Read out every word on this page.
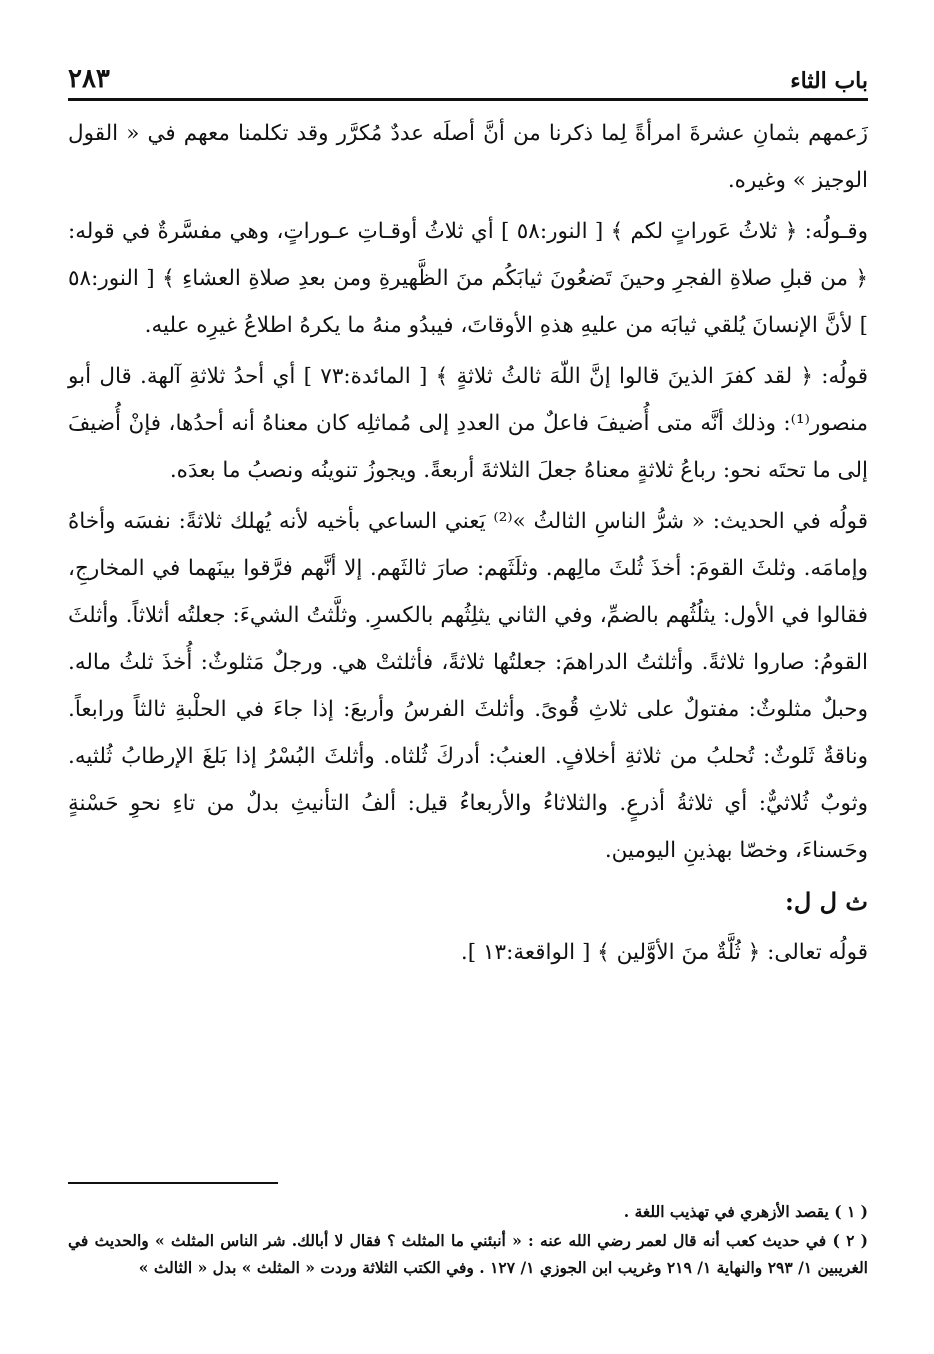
باب الثاء
٢٨٣

زَعمهم بثمانِ عشرةَ امرأةً لِما ذكرنا من أنَّ أصلَه عددٌ مُكرَّر وقد تكلمنا معهم في « القول الوجيز » وغيره.

وقـولُه: ﴿ ثلاثُ عَوراتٍ لكم ﴾ [ النور:٥٨ ] أي ثلاثُ أوقـاتِ عـوراتٍ، وهي مفسَّرةٌ في قوله: ﴿ من قبلِ صلاةِ الفجرِ وحينَ تَضعُونَ ثيابَكُم منَ الظَّهيرةِ ومن بعدِ صلاةِ العشاءِ ﴾ [ النور:٥٨ ] لأنَّ الإنسانَ يُلقي ثيابَه من عليهِ هذهِ الأوقاتَ، فيبدُو منهُ ما يكرهُ اطلاعُ غيرِه عليه.

قولُه: ﴿ لقد كفرَ الذينَ قالوا إنَّ اللّهَ ثالثُ ثلاثةٍ ﴾ [ المائدة:٧٣ ] أي أحدُ ثلاثةِ آلهة. قال أبو منصور⁽¹⁾: وذلك أنَّه متى أُضيفَ فاعلٌ من العددِ إلى مُماثلِه كان معناهُ أنه أحدُها، فإنْ أُضيفَ إلى ما تحتَه نحو: رباعُ ثلاثةٍ معناهُ جعلَ الثلاثةَ أربعةً. ويجوزُ تنوينُه ونصبُ ما بعدَه.

قولُه في الحديث: « شرُّ الناسِ الثالثُ »⁽²⁾ يَعني الساعي بأخيه لأنه يُهلك ثلاثةً: نفسَه وأخاهُ وإمامَه. وثلثَ القومَ: أخذَ ثُلثَ مالِهم. وثلَثَهم: صارَ ثالثَهم. إلا أنَّهم فرَّقوا بينَهما في المخارجِ، فقالوا في الأول: يثلُثُهم بالضمِّ، وفي الثاني يثلِثُهم بالكسرِ. وثلَّثتُ الشيءَ: جعلتُه أثلاثاً. وأثلثَ القومُ: صاروا ثلاثةً. وأثلثتُ الدراهمَ: جعلتُها ثلاثةً، فأثلثتْ هي. ورجلٌ مَثلوثٌ: أُخذَ ثلثُ ماله. وحبلٌ مثلوثٌ: مفتولٌ على ثلاثِ قُوىً. وأثلثَ الفرسُ وأربعَ: إذا جاءَ في الحلْبةِ ثالثاً ورابعاً. وناقةٌ ثَلوثٌ: تُحلبُ من ثلاثةِ أخلافٍ. العنبُ: أدركَ ثُلثاه. وأثلثَ البُسْرُ إذا بَلغَ الإرطابُ ثُلثيه. وثوبٌ ثُلاثيٌّ: أي ثلاثةُ أذرعٍ. والثلاثاءُ والأربعاءُ قيل: ألفُ التأنيثِ بدلٌ من تاءِ نحوِ حَسْنةٍ وحَسناءَ، وخصّا بهذينِ اليومين.

ث ل ل:

قولُه تعالى: ﴿ ثُلَّةٌ منَ الأوَّلين ﴾ [ الواقعة:١٣ ].

( ١ ) يقصد الأزهري في تهذيب اللغة .

( ٢ ) في حديث كعب أنه قال لعمر رضي الله عنه : « أنبئني ما المثلث ؟ فقال لا أبالك. شر الناس المثلث » والحديث في الغريبين ١/ ٢٩٣ والنهاية ١/ ٢١٩ وغريب ابن الجوزي ١/ ١٢٧ . وفي الكتب الثلاثة وردت « المثلث » بدل « الثالث »
